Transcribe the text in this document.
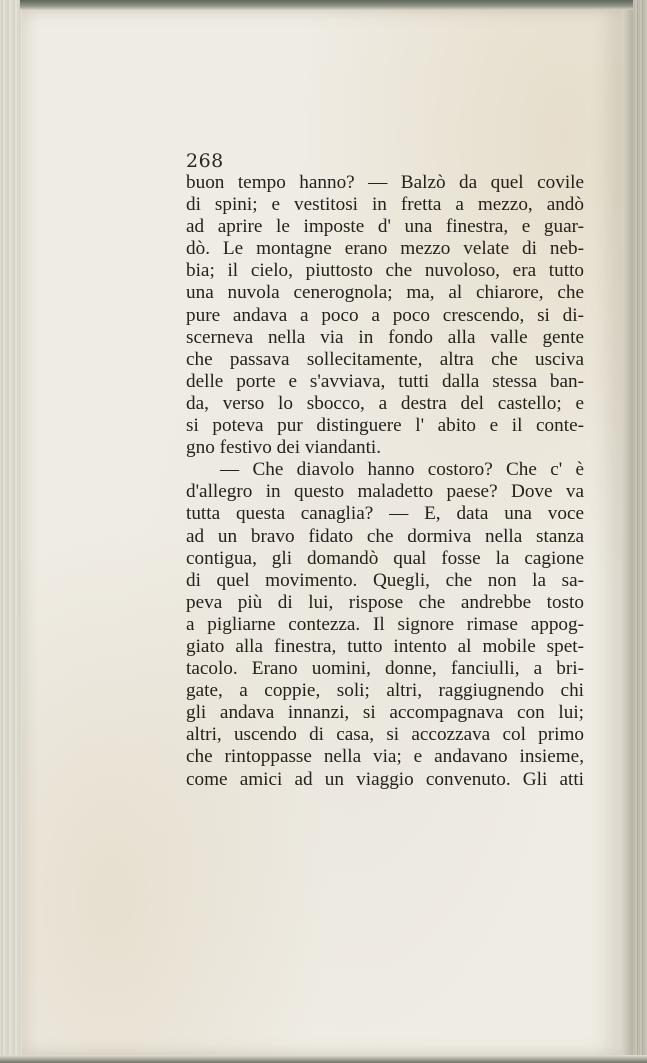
268

buon tempo hanno? — Balzò da quel covile
di spini; e vestitosi in fretta a mezzo, andò
ad aprire le imposte d' una finestra, e guar-
dò. Le montagne erano mezzo velate di neb-
bia; il cielo, piuttosto che nuvoloso, era tutto
una nuvola cenerognola; ma, al chiarore, che
pure andava a poco a poco crescendo, si di-
scerneva nella via in fondo alla valle gente
che passava sollecitamente, altra che usciva
delle porte e s'avviava, tutti dalla stessa ban-
da, verso lo sbocco, a destra del castello; e
si poteva pur distinguere l' abito e il conte-
gno festivo dei viandanti.
— Che diavolo hanno costoro? Che c' è
d'allegro in questo maladetto paese? Dove va
tutta questa canaglia? — E, data una voce
ad un bravo fidato che dormiva nella stanza
contigua, gli domandò qual fosse la cagione
di quel movimento. Quegli, che non la sa-
peva più di lui, rispose che andrebbe tosto
a pigliarne contezza. Il signore rimase appog-
giato alla finestra, tutto intento al mobile spet-
tacolo. Erano uomini, donne, fanciulli, a bri-
gate, a coppie, soli; altri, raggiugnendo chi
gli andava innanzi, si accompagnava con lui;
altri, uscendo di casa, si accozzava col primo
che rintoppasse nella via; e andavano insieme,
come amici ad un viaggio convenuto. Gli atti
